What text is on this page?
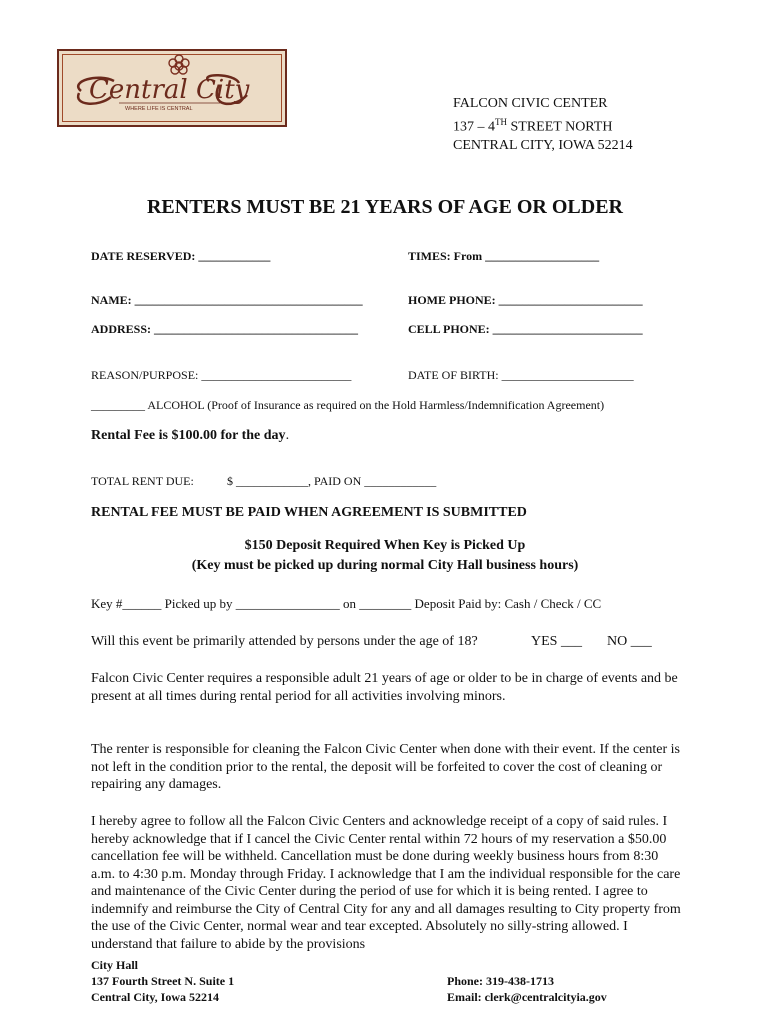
Central City
WHERE LIFE IS CENTRAL	FALCON CIVIC CENTER
137 – 4TH STREET NORTH
CENTRAL CITY, IOWA 52214
RENTERS MUST BE 21 YEARS OF AGE OR OLDER
DATE RESERVED: ____________	TIMES: From ___________________
NAME: ______________________________________	HOME PHONE: ________________________
ADDRESS: __________________________________	CELL PHONE: _________________________
REASON/PURPOSE: _________________________	DATE OF BIRTH: ______________________
_________ ALCOHOL (Proof of Insurance as required on the Hold Harmless/Indemnification Agreement)
Rental Fee is $100.00 for the day.
TOTAL RENT DUE:	$ ____________, PAID ON ____________
RENTAL FEE MUST BE PAID WHEN AGREEMENT IS SUBMITTED
$150 Deposit Required When Key is Picked Up
(Key must be picked up during normal City Hall business hours)
Key #______ Picked up by ________________ on ________ Deposit Paid by: Cash / Check / CC
Will this event be primarily attended by persons under the age of 18?	YES ___ NO ___
Falcon Civic Center requires a responsible adult 21 years of age or older to be in charge of events and be present at all times during rental period for all activities involving minors.
The renter is responsible for cleaning the Falcon Civic Center when done with their event. If the center is not left in the condition prior to the rental, the deposit will be forfeited to cover the cost of cleaning or repairing any damages.
I hereby agree to follow all the Falcon Civic Centers and acknowledge receipt of a copy of said rules. I hereby acknowledge that if I cancel the Civic Center rental within 72 hours of my reservation a $50.00 cancellation fee will be withheld. Cancellation must be done during weekly business hours from 8:30 a.m. to 4:30 p.m. Monday through Friday. I acknowledge that I am the individual responsible for the care and maintenance of the Civic Center during the period of use for which it is being rented. I agree to indemnify and reimburse the City of Central City for any and all damages resulting to City property from the use of the Civic Center, normal wear and tear excepted. Absolutely no silly-string allowed. I understand that failure to abide by the provisions
City Hall
137 Fourth Street N. Suite 1
Central City, Iowa 52214
Phone: 319-438-1713
Email: clerk@centralcityia.gov
